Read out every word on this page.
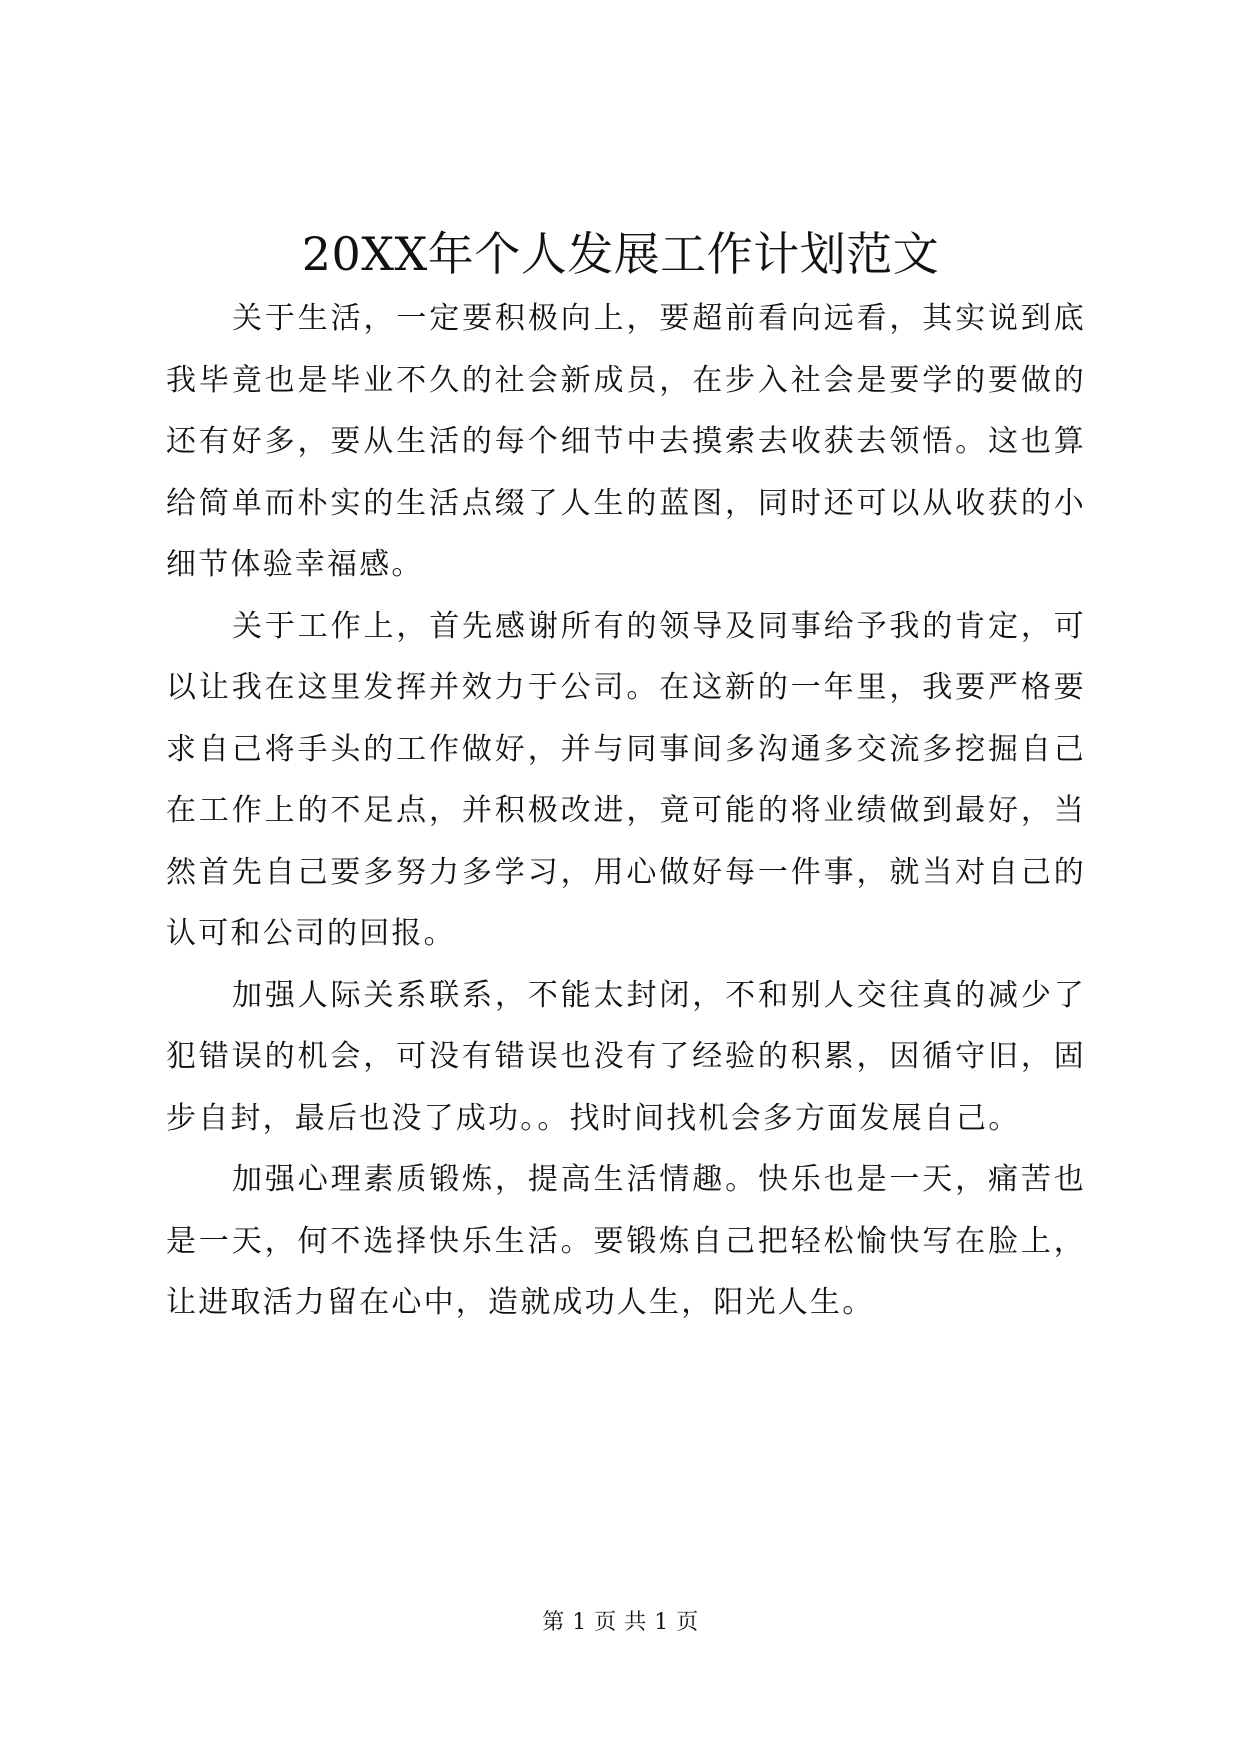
20XX年个人发展工作计划范文

关于生活，一定要积极向上，要超前看向远看，其实说到底我毕竟也是毕业不久的社会新成员，在步入社会是要学的要做的还有好多，要从生活的每个细节中去摸索去收获去领悟。这也算给简单而朴实的生活点缀了人生的蓝图，同时还可以从收获的小细节体验幸福感。

关于工作上，首先感谢所有的领导及同事给予我的肯定，可以让我在这里发挥并效力于公司。在这新的一年里，我要严格要求自己将手头的工作做好，并与同事间多沟通多交流多挖掘自己在工作上的不足点，并积极改进，竟可能的将业绩做到最好，当然首先自己要多努力多学习，用心做好每一件事，就当对自己的认可和公司的回报。

加强人际关系联系，不能太封闭，不和别人交往真的减少了犯错误的机会，可没有错误也没有了经验的积累，因循守旧，固步自封，最后也没了成功。。找时间找机会多方面发展自己。

加强心理素质锻炼，提高生活情趣。快乐也是一天，痛苦也是一天，何不选择快乐生活。要锻炼自己把轻松愉快写在脸上，让进取活力留在心中，造就成功人生，阳光人生。

第 1 页 共 1 页
